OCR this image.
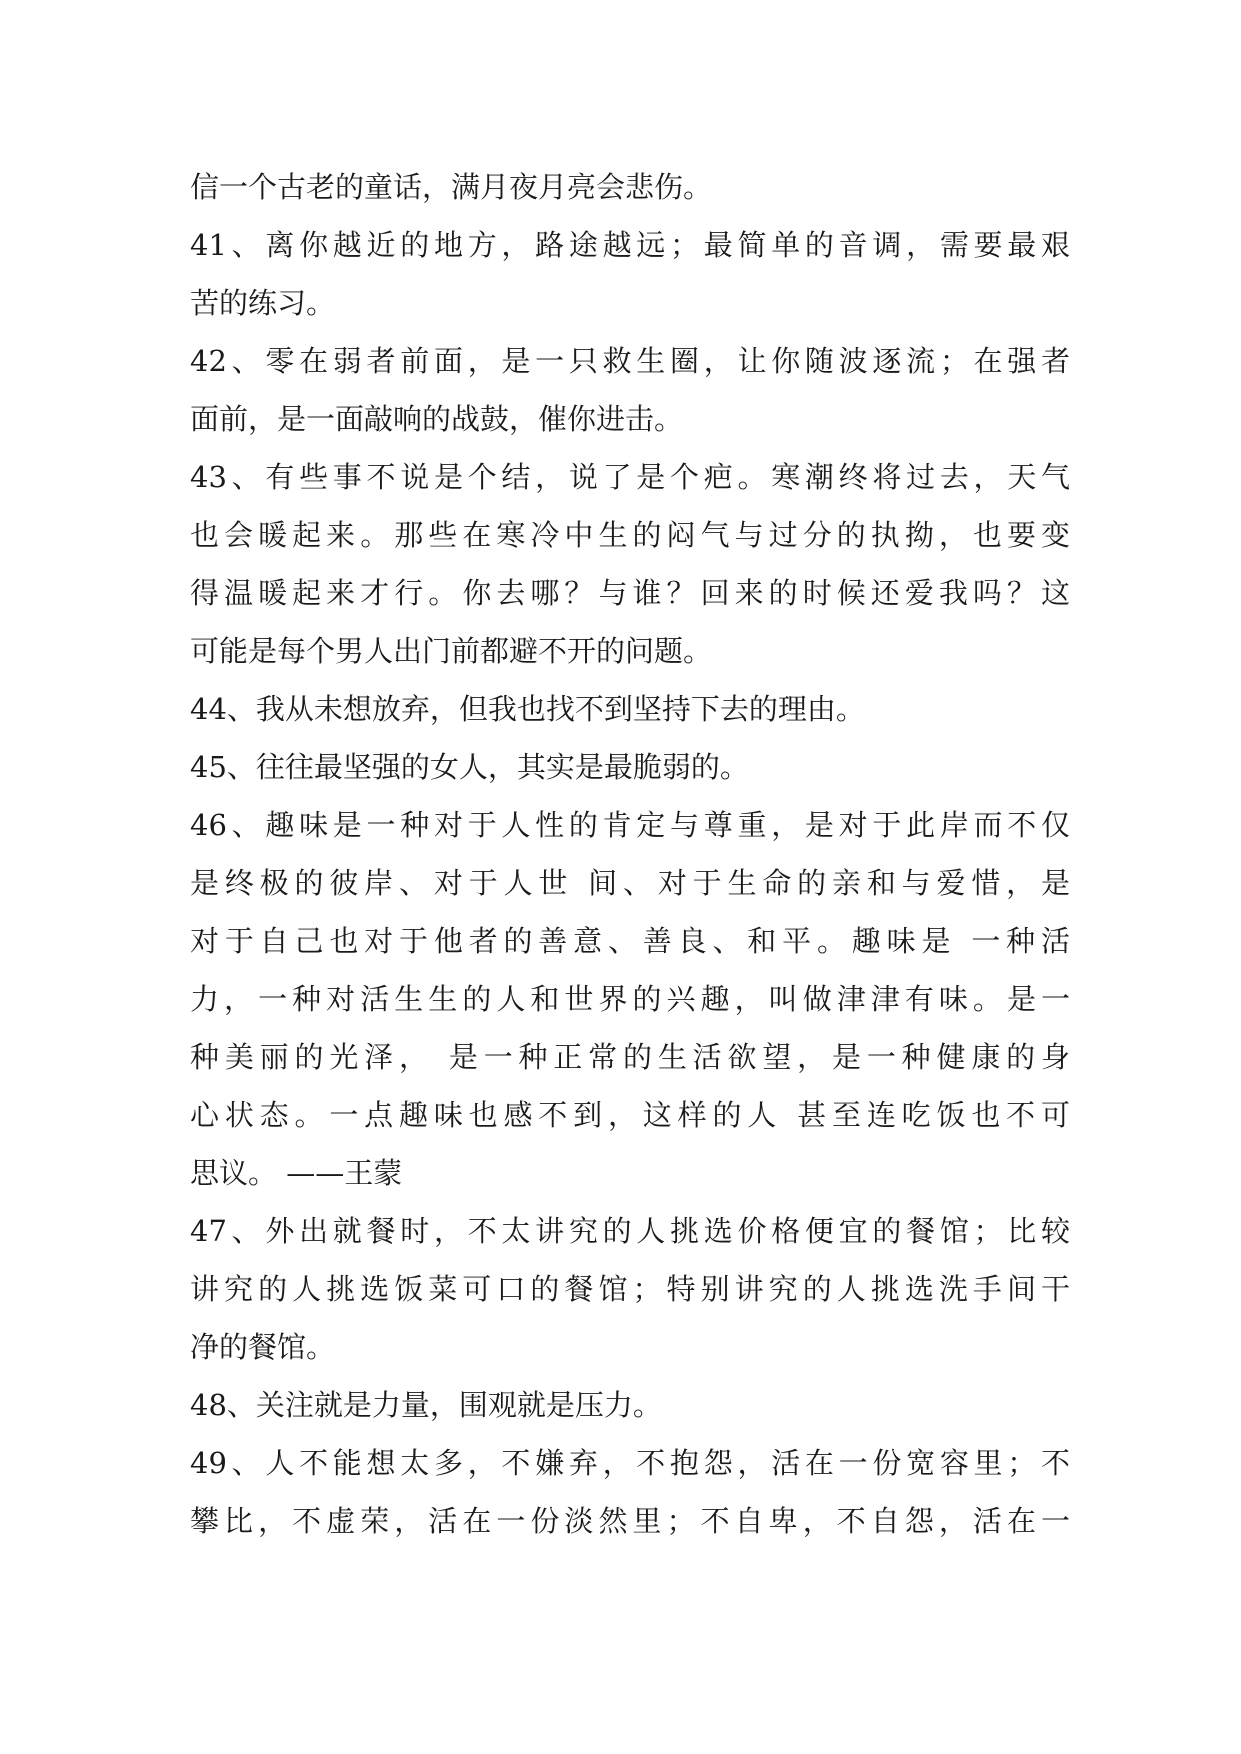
信一个古老的童话，满月夜月亮会悲伤。
41、离你越近的地方，路途越远；最简单的音调，需要最艰
苦的练习。
42、零在弱者前面，是一只救生圈，让你随波逐流；在强者
面前，是一面敲响的战鼓，催你进击。
43、有些事不说是个结，说了是个疤。寒潮终将过去，天气
也会暖起来。那些在寒冷中生的闷气与过分的执拗，也要变
得温暖起来才行。你去哪？与谁？回来的时候还爱我吗？这
可能是每个男人出门前都避不开的问题。
44、我从未想放弃，但我也找不到坚持下去的理由。
45、往往最坚强的女人，其实是最脆弱的。
46、趣味是一种对于人性的肯定与尊重，是对于此岸而不仅
是终极的彼岸、对于人世 间、对于生命的亲和与爱惜，是
对于自己也对于他者的善意、善良、和平。趣味是 一种活
力，一种对活生生的人和世界的兴趣，叫做津津有味。是一
种美丽的光泽， 是一种正常的生活欲望，是一种健康的身
心状态。一点趣味也感不到，这样的人 甚至连吃饭也不可
思议。 ——王蒙
47、外出就餐时，不太讲究的人挑选价格便宜的餐馆；比较
讲究的人挑选饭菜可口的餐馆；特别讲究的人挑选洗手间干
净的餐馆。
48、关注就是力量，围观就是压力。
49、人不能想太多，不嫌弃，不抱怨，活在一份宽容里；不
攀比，不虚荣，活在一份淡然里；不自卑，不自怨，活在一
